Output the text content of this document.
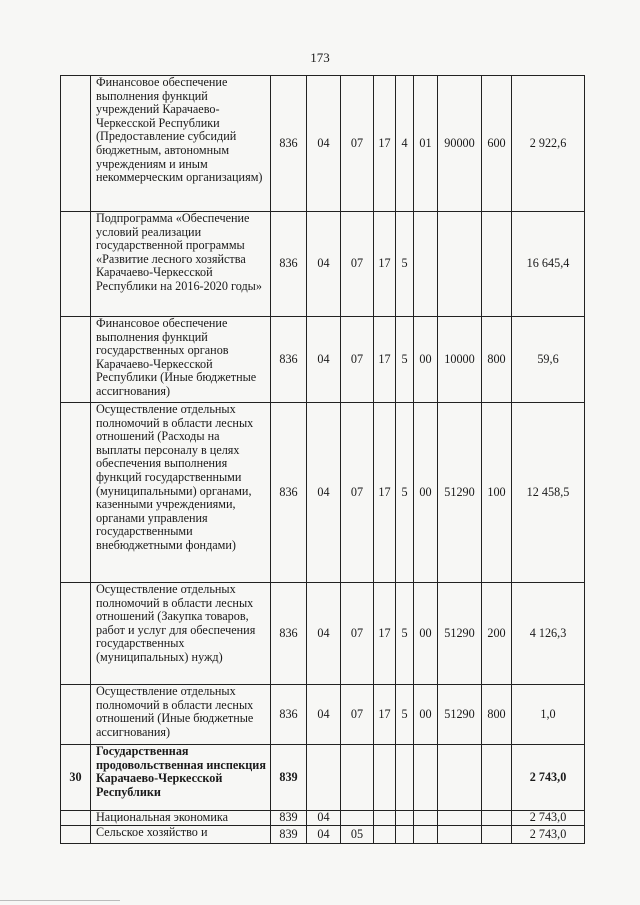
173
	Финансовое обеспечение выполнения функций учреждений Карачаево-Черкесской Республики (Предоставление субсидий бюджетным, автономным учреждениям и иным некоммерческим организациям)	836	04	07	17	4	01	90000	600	2 922,6
	Подпрограмма «Обеспечение условий реализации государственной программы «Развитие лесного хозяйства Карачаево-Черкесской Республики на 2016-2020 годы»	836	04	07	17	5				16 645,4
	Финансовое обеспечение выполнения функций государственных органов Карачаево-Черкесской Республики (Иные бюджетные ассигнования)	836	04	07	17	5	00	10000	800	59,6
	Осуществление отдельных полномочий в области лесных отношений (Расходы на выплаты персоналу в целях обеспечения выполнения функций государственными (муниципальными) органами, казенными учреждениями, органами управления государственными внебюджетными фондами)	836	04	07	17	5	00	51290	100	12 458,5
	Осуществление отдельных полномочий в области лесных отношений (Закупка товаров, работ и услуг для обеспечения государственных (муниципальных) нужд)	836	04	07	17	5	00	51290	200	4 126,3
	Осуществление отдельных полномочий в области лесных отношений (Иные бюджетные ассигнования)	836	04	07	17	5	00	51290	800	1,0
30	Государственная продовольственная инспекция Карачаево-Черкесской Республики	839								2 743,0
	Национальная экономика	839	04							2 743,0
	Сельское хозяйство и	839	04	05						2 743,0
